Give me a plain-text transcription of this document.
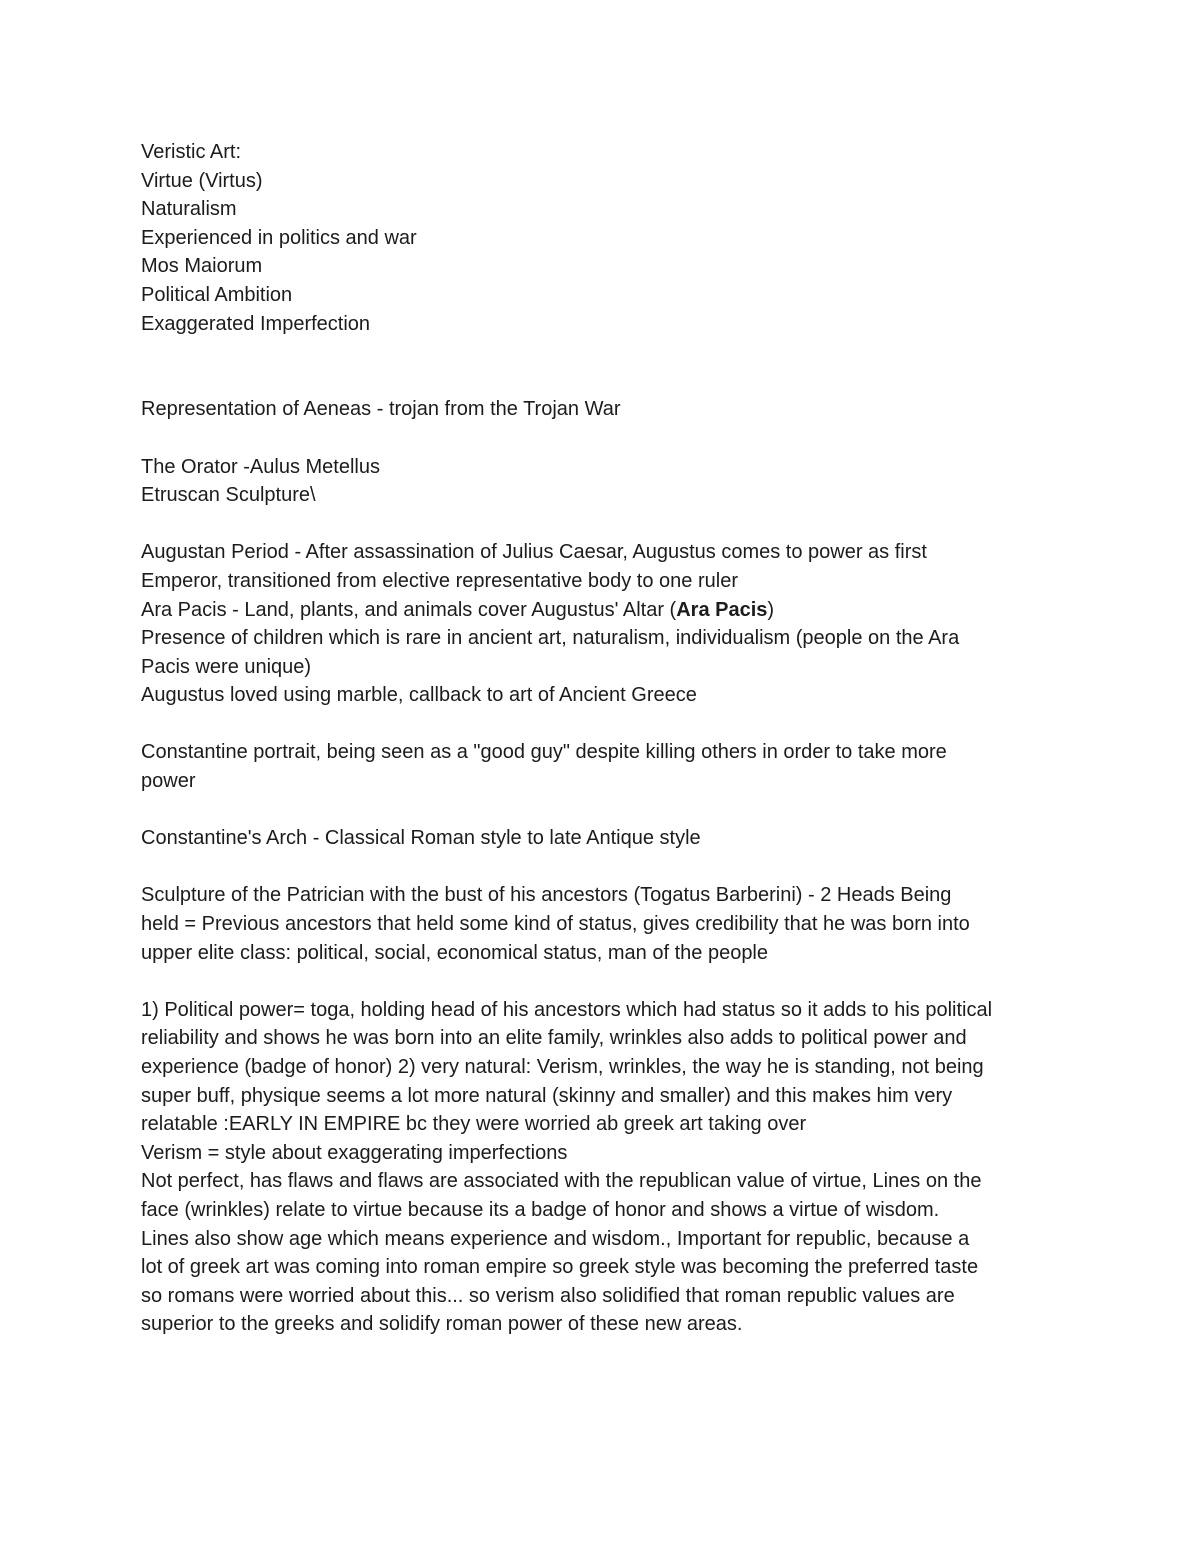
Veristic Art:
Virtue (Virtus)
Naturalism
Experienced in politics and war
Mos Maiorum
Political Ambition
Exaggerated Imperfection
Representation of Aeneas - trojan from the Trojan War
The Orator -Aulus Metellus
Etruscan Sculpture\
Augustan Period - After assassination of Julius Caesar, Augustus comes to power as first
Emperor, transitioned from elective representative body to one ruler
Ara Pacis - Land, plants, and animals cover Augustus' Altar (Ara Pacis)
Presence of children which is rare in ancient art, naturalism, individualism (people on the Ara
Pacis were unique)
Augustus loved using marble, callback to art of Ancient Greece
Constantine portrait, being seen as a "good guy" despite killing others in order to take more
power
Constantine's Arch - Classical Roman style to late Antique style
Sculpture of the Patrician with the bust of his ancestors (Togatus Barberini) - 2 Heads Being
held = Previous ancestors that held some kind of status, gives credibility that he was born into
upper elite class: political, social, economical status, man of the people
1) Political power= toga, holding head of his ancestors which had status so it adds to his political
reliability and shows he was born into an elite family, wrinkles also adds to political power and
experience (badge of honor) 2) very natural: Verism, wrinkles, the way he is standing, not being
super buff, physique seems a lot more natural (skinny and smaller) and this makes him very
relatable :EARLY IN EMPIRE bc they were worried ab greek art taking over
Verism = style about exaggerating imperfections
Not perfect, has flaws and flaws are associated with the republican value of virtue, Lines on the
face (wrinkles) relate to virtue because its a badge of honor and shows a virtue of wisdom.
Lines also show age which means experience and wisdom., Important for republic, because a
lot of greek art was coming into roman empire so greek style was becoming the preferred taste
so romans were worried about this... so verism also solidified that roman republic values are
superior to the greeks and solidify roman power of these new areas.
